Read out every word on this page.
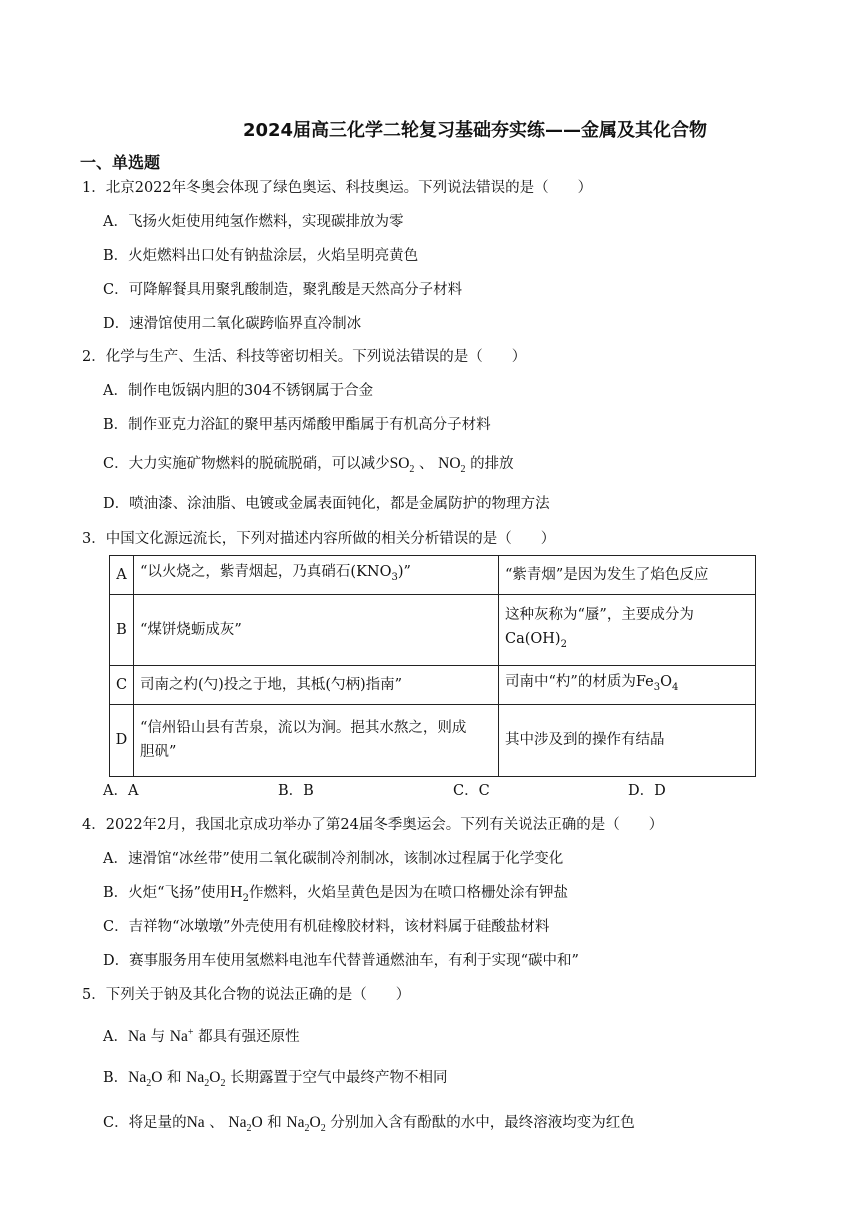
2024届高三化学二轮复习基础夯实练——金属及其化合物
一、单选题
1．北京2022年冬奥会体现了绿色奥运、科技奥运。下列说法错误的是（　　）
A．飞扬火炬使用纯氢作燃料，实现碳排放为零
B．火炬燃料出口处有钠盐涂层，火焰呈明亮黄色
C．可降解餐具用聚乳酸制造，聚乳酸是天然高分子材料
D．速滑馆使用二氧化碳跨临界直冷制冰
2．化学与生产、生活、科技等密切相关。下列说法错误的是（　　）
A．制作电饭锅内胆的304不锈钢属于合金
B．制作亚克力浴缸的聚甲基丙烯酸甲酯属于有机高分子材料
C．大力实施矿物燃料的脱硫脱硝，可以减少$SO_2$ 、 $NO_2$ 的排放
D．喷油漆、涂油脂、电镀或金属表面钝化，都是金属防护的物理方法
3．中国文化源远流长，下列对描述内容所做的相关分析错误的是（　　）
A	“以火烧之，紫青烟起，乃真硝石$(KNO_3)$”	“紫青烟”是因为发生了焰色反应
B	“煤饼烧蛎成灰”	这种灰称为“蜃”，主要成分为
$Ca(OH)_2$

C	司南之杓(勺)投之于地，其柢(勺柄)指南”	司南中“杓”的材质为$Fe_3O_4$
D	“信州铅山县有苦泉，流以为涧。挹其水熬之，则成
胆矾”	其中涉及到的操作有结晶
A．A	B．B	C．C	D．D
4．2022年2月，我国北京成功举办了第24届冬季奥运会。下列有关说法正确的是（　　）
A．速滑馆“冰丝带”使用二氧化碳制冷剂制冰，该制冰过程属于化学变化
B．火炬“飞扬”使用$H_2$作燃料，火焰呈黄色是因为在喷口格栅处涂有钾盐
C．吉祥物“冰墩墩”外壳使用有机硅橡胶材料，该材料属于硅酸盐材料
D．赛事服务用车使用氢燃料电池车代替普通燃油车，有利于实现“碳中和”
5．下列关于钠及其化合物的说法正确的是（　　）
A．Na 与 Na+ 都具有强还原性
B．$Na_2O$ 和 $Na_2O_2$ 长期露置于空气中最终产物不相同
C．将足量的Na 、 $Na_2O$ 和 $Na_2O_2$ 分别加入含有酚酞的水中，最终溶液均变为红色
